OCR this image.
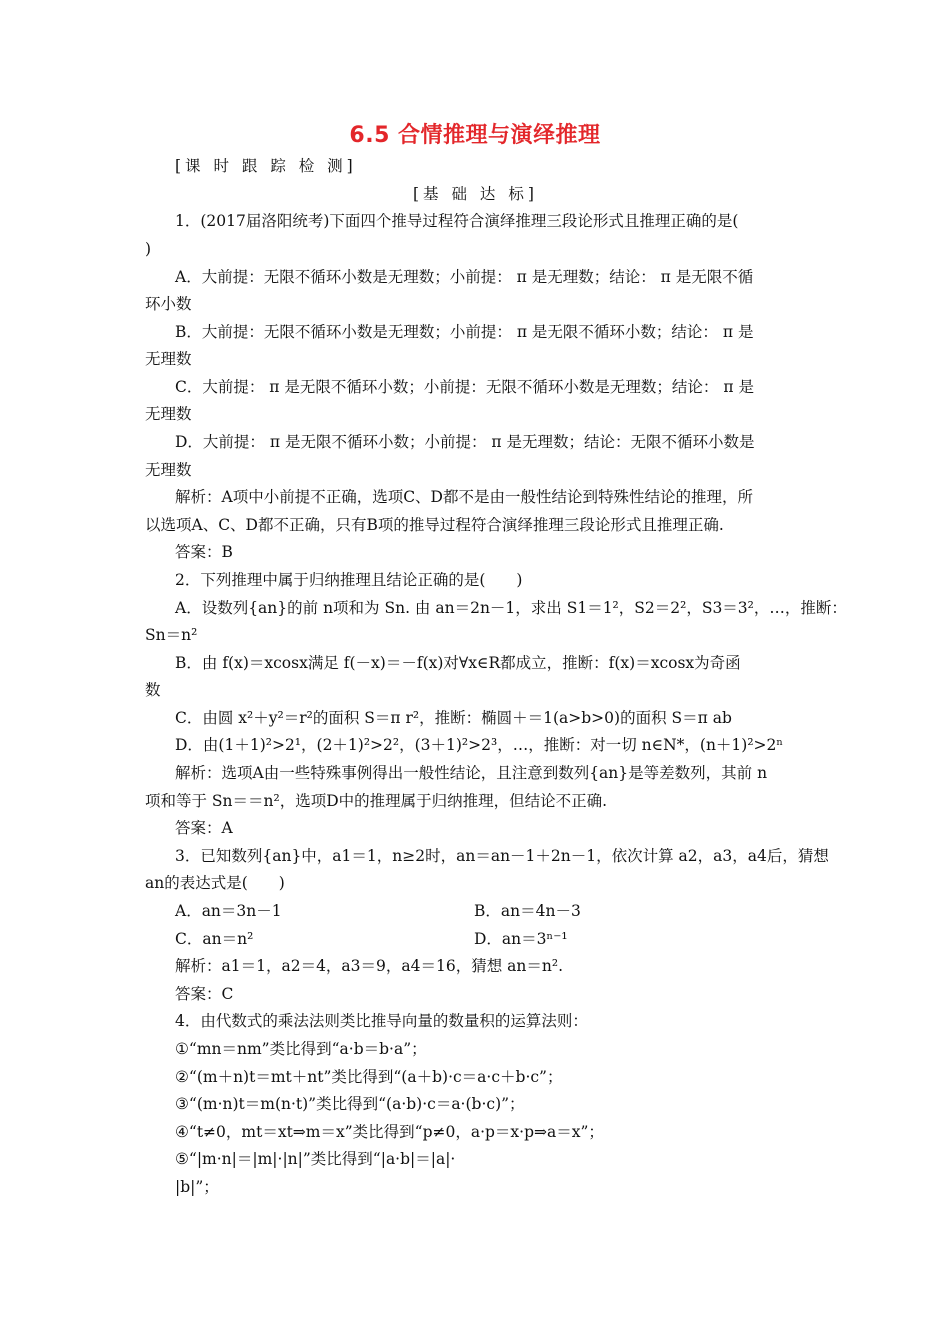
6.5 合情推理与演绎推理
[课 时 跟 踪 检 测]
[基 础 达 标]
1．(2017届洛阳统考)下面四个推导过程符合演绎推理三段论形式且推理正确的是(
)
A．大前提：无限不循环小数是无理数；小前提： π 是无理数；结论： π 是无限不循
环小数
B．大前提：无限不循环小数是无理数；小前提： π 是无限不循环小数；结论： π 是
无理数
C．大前提： π 是无限不循环小数；小前提：无限不循环小数是无理数；结论： π 是
无理数
D．大前提： π 是无限不循环小数；小前提： π 是无理数；结论：无限不循环小数是
无理数
解析：A项中小前提不正确，选项C、D都不是由一般性结论到特殊性结论的推理，所
以选项A、C、D都不正确，只有B项的推导过程符合演绎推理三段论形式且推理正确.
答案：B
2．下列推理中属于归纳推理且结论正确的是(　　)
A．设数列{an}的前 n项和为 Sn. 由 an＝2n－1，求出 S1＝1²，S2＝2²，S3＝3²，…，推断：
Sn＝n²
B．由 f(x)＝xcosx满足 f(－x)＝－f(x)对∀x∈R都成立，推断：f(x)＝xcosx为奇函
数
C．由圆 x²＋y²＝r²的面积 S＝π r²，推断：椭圆＋＝1(a>b>0)的面积 S＝π ab
D．由(1＋1)²>2¹，(2＋1)²>2²，(3＋1)²>2³，…，推断：对一切 n∈N*，(n＋1)²>2ⁿ
解析：选项A由一些特殊事例得出一般性结论，且注意到数列{an}是等差数列，其前 n
项和等于 Sn＝＝n²，选项D中的推理属于归纳推理，但结论不正确.
答案：A
3．已知数列{an}中，a1＝1，n≥2时，an＝an－1＋2n－1，依次计算 a2，a3，a4后，猜想
an的表达式是(　　)
A．an＝3n－1	B．an＝4n－3
C．an＝n²	D．an＝3ⁿ⁻¹
解析：a1＝1，a2＝4，a3＝9，a4＝16，猜想 an＝n².
答案：C
4．由代数式的乘法法则类比推导向量的数量积的运算法则：
①“mn＝nm”类比得到“a·b＝b·a”；
②“(m＋n)t＝mt＋nt”类比得到“(a＋b)·c＝a·c＋b·c”；
③“(m·n)t＝m(n·t)”类比得到“(a·b)·c＝a·(b·c)”；
④“t≠0，mt＝xt⇒m＝x”类比得到“p≠0，a·p＝x·p⇒a＝x”；
⑤“|m·n|＝|m|·|n|”类比得到“|a·b|＝|a|·
|b|”；
